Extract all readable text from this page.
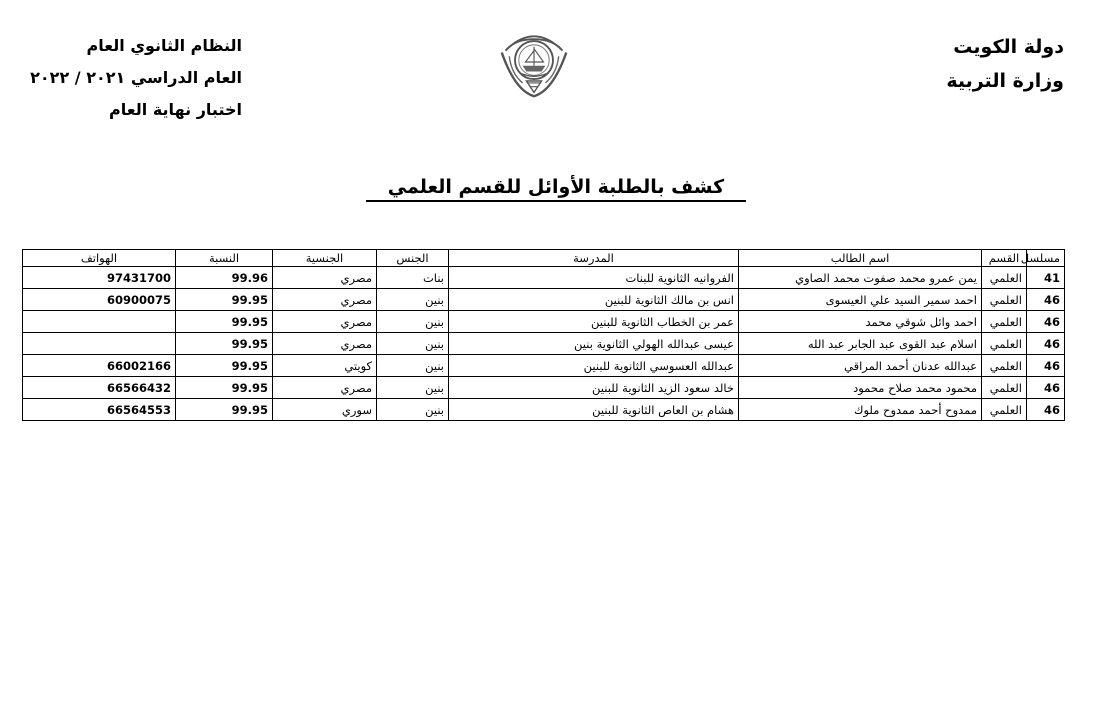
دولة الكويت
وزارة التربية
النظام الثانوي العام
العام الدراسي ٢٠٢١ / ٢٠٢٢
اختبار نهاية العام
كشف بالطلبة الأوائل للقسم العلمي
مسلسل	القسم	اسم الطالب	المدرسة	الجنس	الجنسية	النسبة	الهواتف
41	العلمي	يمن عمرو محمد صفوت محمد الصاوي	الفروانيه الثانوية للبنات	بنات	مصري	99.96	97431700
46	العلمي	احمد سمير السيد علي العيسوى	انس بن مالك الثانوية للبنين	بنين	مصري	99.95	60900075
46	العلمي	احمد وائل شوقي محمد	عمر بن الخطاب الثانوية للبنين	بنين	مصري	99.95	
46	العلمي	اسلام عبد القوى عبد الجابر عبد الله	عيسى عبدالله الهولي الثانوية بنين	بنين	مصري	99.95	
46	العلمي	عبدالله عدنان أحمد المراقي	عبدالله العسوسي الثانوية للبنين	بنين	كويتي	99.95	66002166
46	العلمي	محمود محمد صلاح محمود	خالد سعود الزيد الثانوية للبنين	بنين	مصري	99.95	66566432
46	العلمي	ممدوح أحمد ممدوح ملوك	هشام بن العاص الثانوية للبنين	بنين	سوري	99.95	66564553
